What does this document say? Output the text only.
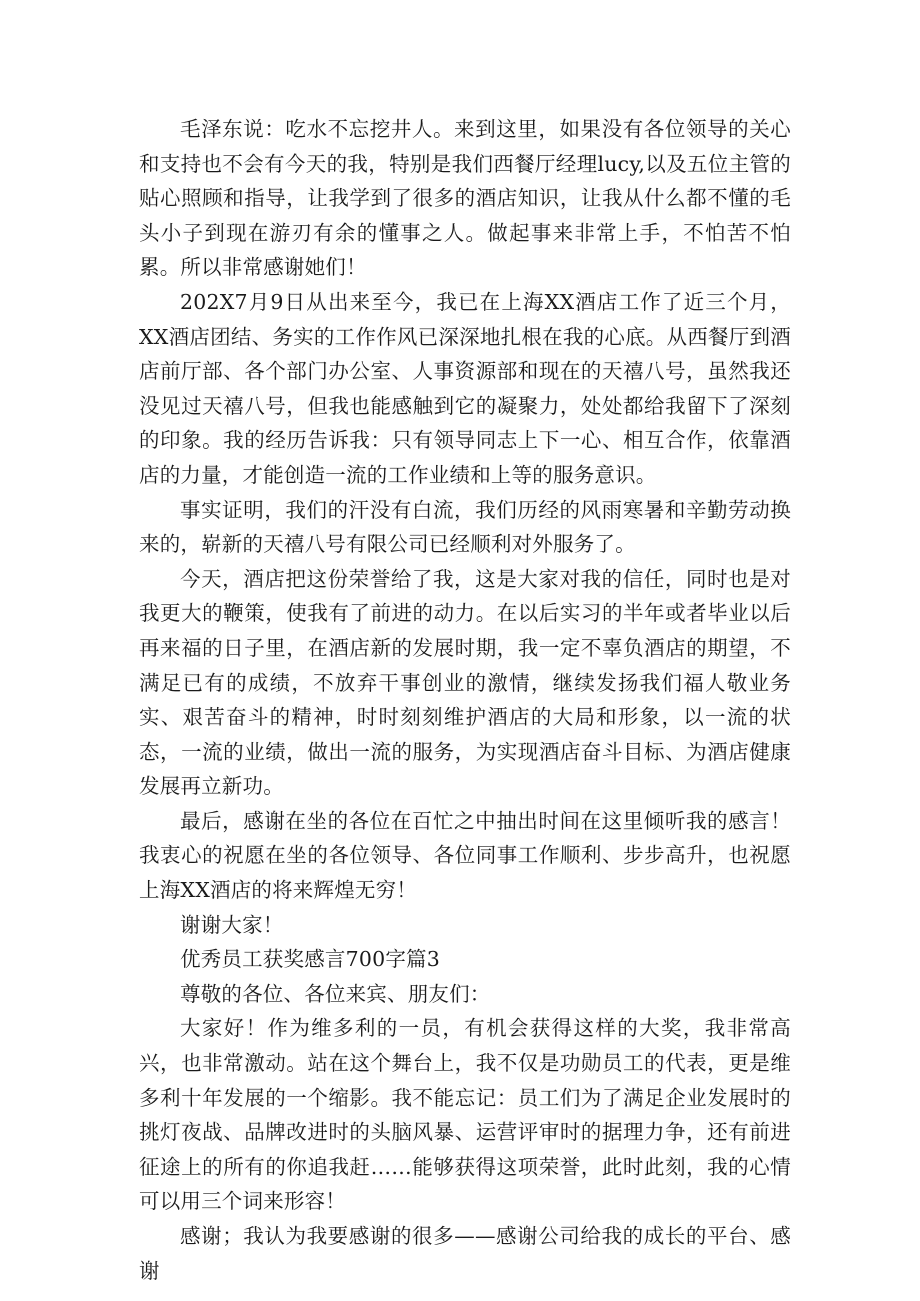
毛泽东说：吃水不忘挖井人。来到这里，如果没有各位领导的关心和支持也不会有今天的我，特别是我们西餐厅经理lucy,以及五位主管的贴心照顾和指导，让我学到了很多的酒店知识，让我从什么都不懂的毛头小子到现在游刃有余的懂事之人。做起事来非常上手，不怕苦不怕累。所以非常感谢她们！

202X7月9日从出来至今，我已在上海XX酒店工作了近三个月，XX酒店团结、务实的工作作风已深深地扎根在我的心底。从西餐厅到酒店前厅部、各个部门办公室、人事资源部和现在的天禧八号，虽然我还没见过天禧八号，但我也能感触到它的凝聚力，处处都给我留下了深刻的印象。我的经历告诉我：只有领导同志上下一心、相互合作，依靠酒店的力量，才能创造一流的工作业绩和上等的服务意识。

事实证明，我们的汗没有白流，我们历经的风雨寒暑和辛勤劳动换来的，崭新的天禧八号有限公司已经顺利对外服务了。

今天，酒店把这份荣誉给了我，这是大家对我的信任，同时也是对我更大的鞭策，使我有了前进的动力。在以后实习的半年或者毕业以后再来福的日子里，在酒店新的发展时期，我一定不辜负酒店的期望，不满足已有的成绩，不放弃干事创业的激情，继续发扬我们福人敬业务实、艰苦奋斗的精神，时时刻刻维护酒店的大局和形象，以一流的状态，一流的业绩，做出一流的服务，为实现酒店奋斗目标、为酒店健康发展再立新功。

最后，感谢在坐的各位在百忙之中抽出时间在这里倾听我的感言！我衷心的祝愿在坐的各位领导、各位同事工作顺利、步步高升，也祝愿上海XX酒店的将来辉煌无穷！

谢谢大家！

优秀员工获奖感言700字篇3

尊敬的各位、各位来宾、朋友们：

大家好！作为维多利的一员，有机会获得这样的大奖，我非常高兴，也非常激动。站在这个舞台上，我不仅是功勋员工的代表，更是维多利十年发展的一个缩影。我不能忘记：员工们为了满足企业发展时的挑灯夜战、品牌改进时的头脑风暴、运营评审时的据理力争，还有前进征途上的所有的你追我赶……能够获得这项荣誉，此时此刻，我的心情可以用三个词来形容！

感谢；我认为我要感谢的很多——感谢公司给我的成长的平台、感谢
